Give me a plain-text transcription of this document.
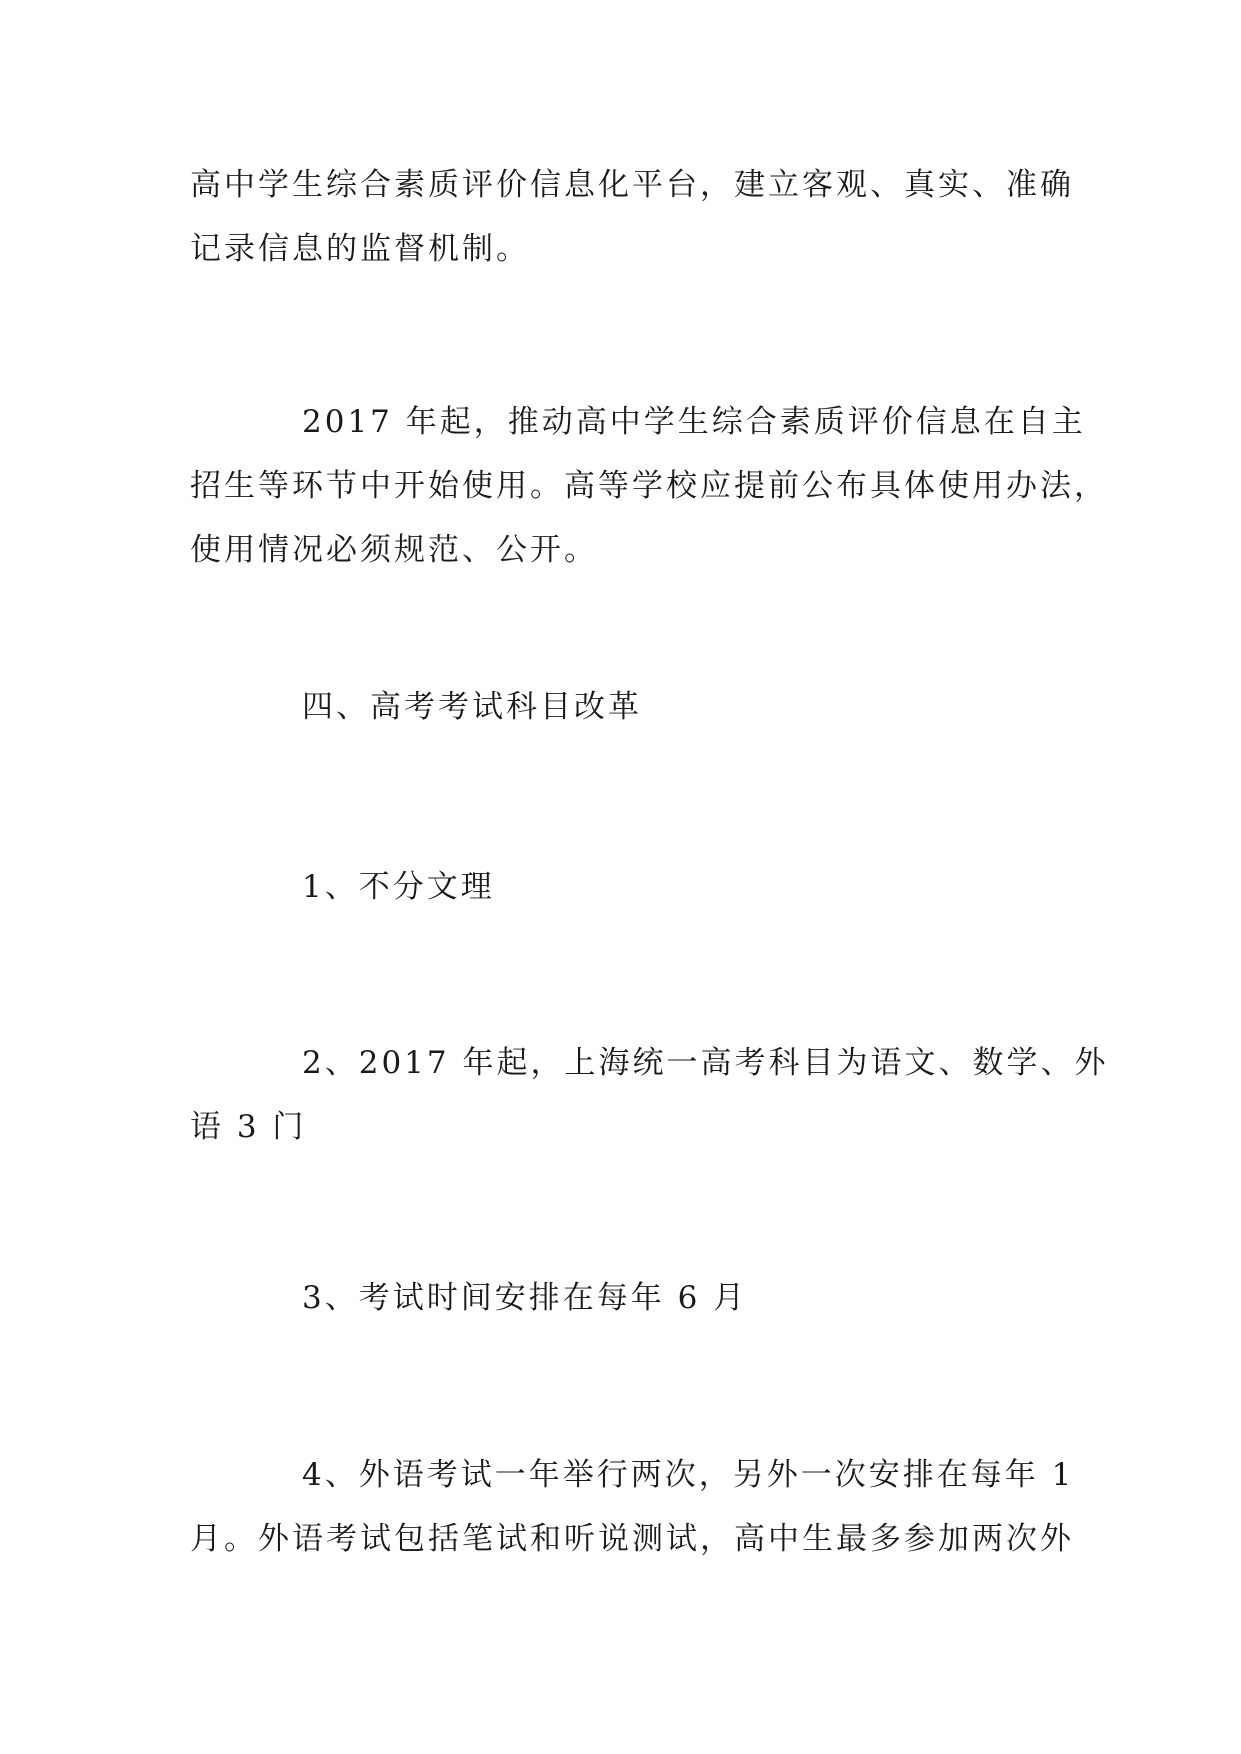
高中学生综合素质评价信息化平台，建立客观、真实、准确
记录信息的监督机制。

2017 年起，推动高中学生综合素质评价信息在自主
招生等环节中开始使用。高等学校应提前公布具体使用办法，
使用情况必须规范、公开。

四、高考考试科目改革

1、不分文理

2、2017 年起，上海统一高考科目为语文、数学、外
语 3 门

3、考试时间安排在每年 6 月

4、外语考试一年举行两次，另外一次安排在每年 1
月。外语考试包括笔试和听说测试，高中生最多参加两次外
